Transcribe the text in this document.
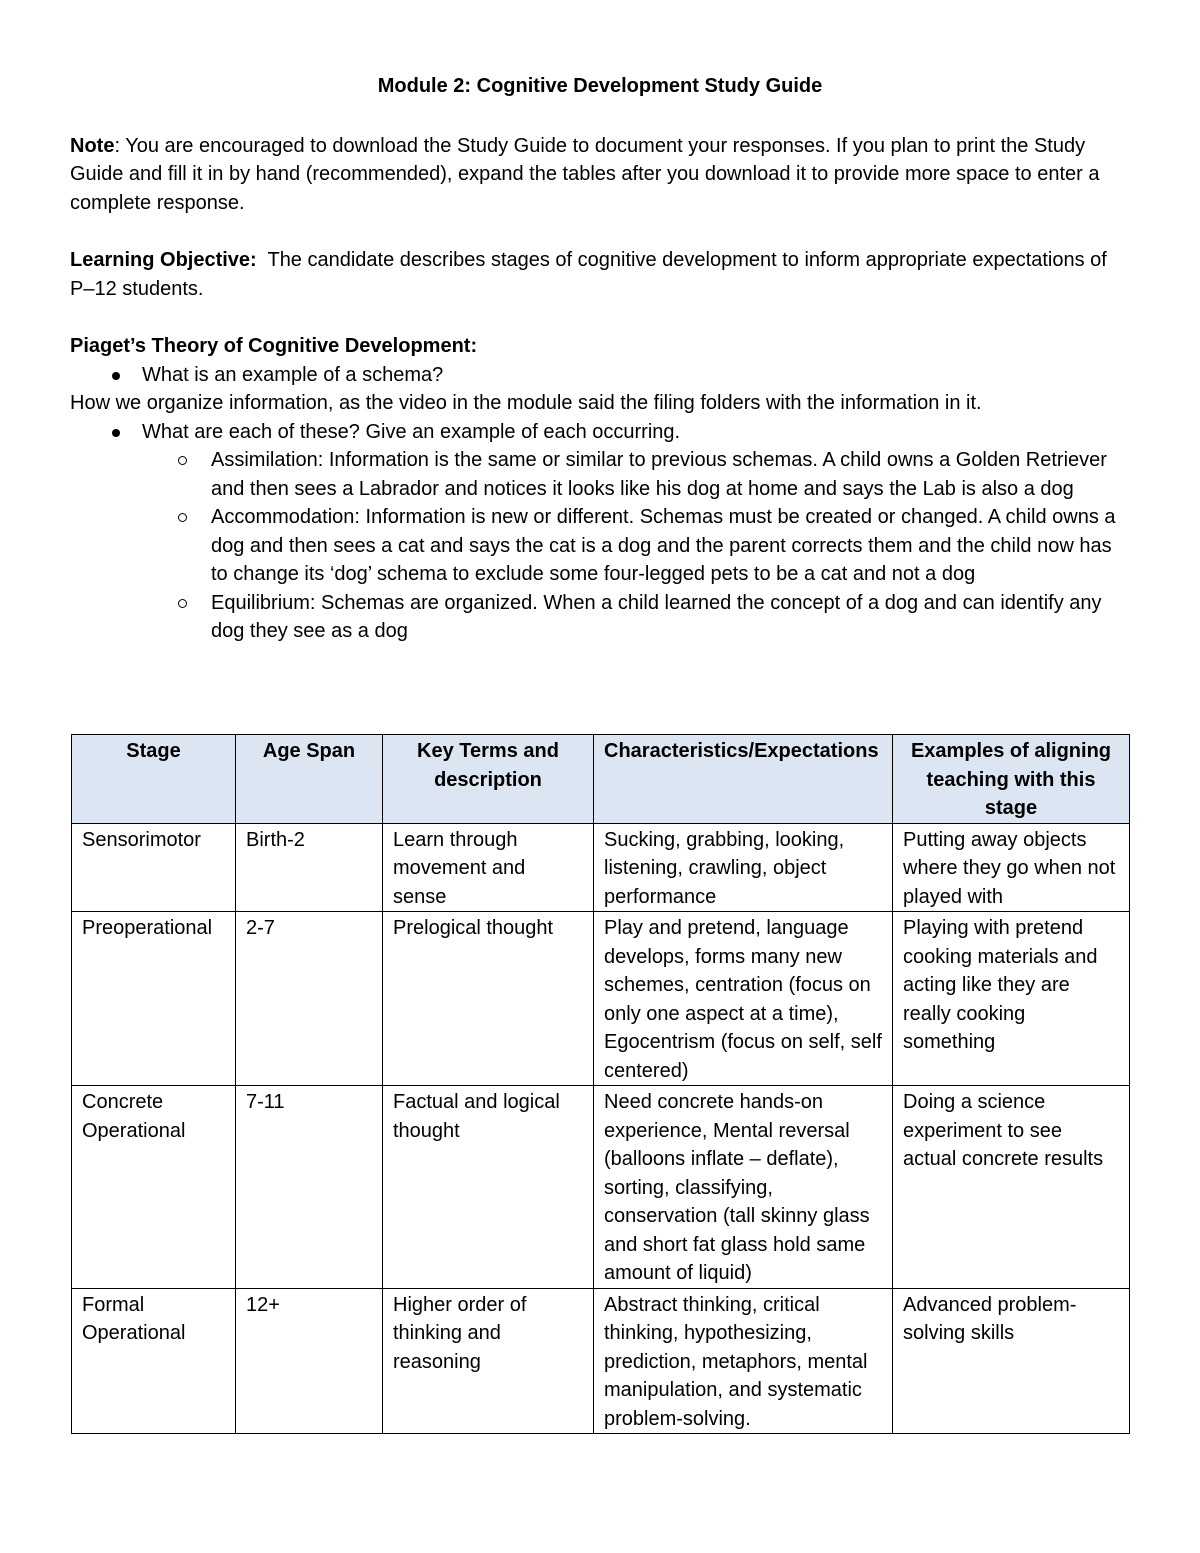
Module 2: Cognitive Development Study Guide

Note: You are encouraged to download the Study Guide to document your responses. If you plan to print the Study Guide and fill it in by hand (recommended), expand the tables after you download it to provide more space to enter a complete response.

Learning Objective:  The candidate describes stages of cognitive development to inform appropriate expectations of P–12 students.

Piaget’s Theory of Cognitive Development:

What is an example of a schema?

How we organize information, as the video in the module said the filing folders with the information in it.

What are each of these? Give an example of each occurring.
Assimilation: Information is the same or similar to previous schemas. A child owns a Golden Retriever and then sees a Labrador and notices it looks like his dog at home and says the Lab is also a dog
Accommodation: Information is new or different. Schemas must be created or changed. A child owns a dog and then sees a cat and says the cat is a dog and the parent corrects them and the child now has to change its ‘dog’ schema to exclude some four-legged pets to be a cat and not a dog
Equilibrium: Schemas are organized. When a child learned the concept of a dog and can identify any dog they see as a dog
Stage	Age Span	Key Terms and description	Characteristics/Expectations	Examples of aligning teaching with this stage
Sensorimotor	Birth-2	Learn through movement and sense	Sucking, grabbing, looking, listening, crawling, object performance	Putting away objects where they go when not played with
Preoperational	2-7	Prelogical thought	Play and pretend, language develops, forms many new schemes, centration (focus on only one aspect at a time), Egocentrism (focus on self, self centered)	Playing with pretend cooking materials and acting like they are really cooking something
Concrete Operational	7-11	Factual and logical thought	Need concrete hands-on experience, Mental reversal (balloons inflate – deflate), sorting, classifying, conservation (tall skinny glass and short fat glass hold same amount of liquid)	Doing a science experiment to see actual concrete results
Formal Operational	12+	Higher order of thinking and reasoning	Abstract thinking, critical thinking, hypothesizing, prediction, metaphors, mental manipulation, and systematic problem-solving.	Advanced problem-solving skills
